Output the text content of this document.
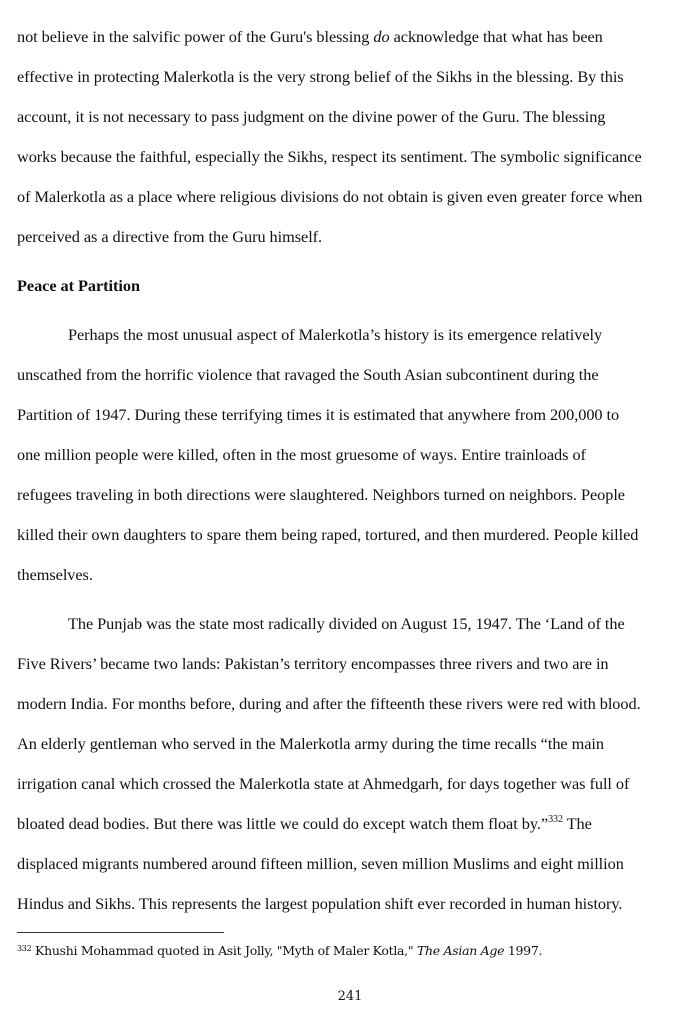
not believe in the salvific power of the Guru's blessing do acknowledge that what has been
effective in protecting Malerkotla is the very strong belief of the Sikhs in the blessing. By this
account, it is not necessary to pass judgment on the divine power of the Guru. The blessing
works because the faithful, especially the Sikhs, respect its sentiment. The symbolic significance
of Malerkotla as a place where religious divisions do not obtain is given even greater force when
perceived as a directive from the Guru himself.
Peace at Partition
Perhaps the most unusual aspect of Malerkotla’s history is its emergence relatively
unscathed from the horrific violence that ravaged the South Asian subcontinent during the
Partition of 1947. During these terrifying times it is estimated that anywhere from 200,000 to
one million people were killed, often in the most gruesome of ways. Entire trainloads of
refugees traveling in both directions were slaughtered. Neighbors turned on neighbors. People
killed their own daughters to spare them being raped, tortured, and then murdered. People killed
themselves.
The Punjab was the state most radically divided on August 15, 1947. The ‘Land of the
Five Rivers’ became two lands: Pakistan’s territory encompasses three rivers and two are in
modern India. For months before, during and after the fifteenth these rivers were red with blood.
An elderly gentleman who served in the Malerkotla army during the time recalls “the main
irrigation canal which crossed the Malerkotla state at Ahmedgarh, for days together was full of
bloated dead bodies. But there was little we could do except watch them float by.”$^{332}$ The
displaced migrants numbered around fifteen million, seven million Muslims and eight million
Hindus and Sikhs. This represents the largest population shift ever recorded in human history.
$^{332}$ Khushi Mohammad quoted in Asit Jolly, "Myth of Maler Kotla," The Asian Age 1997.
241
